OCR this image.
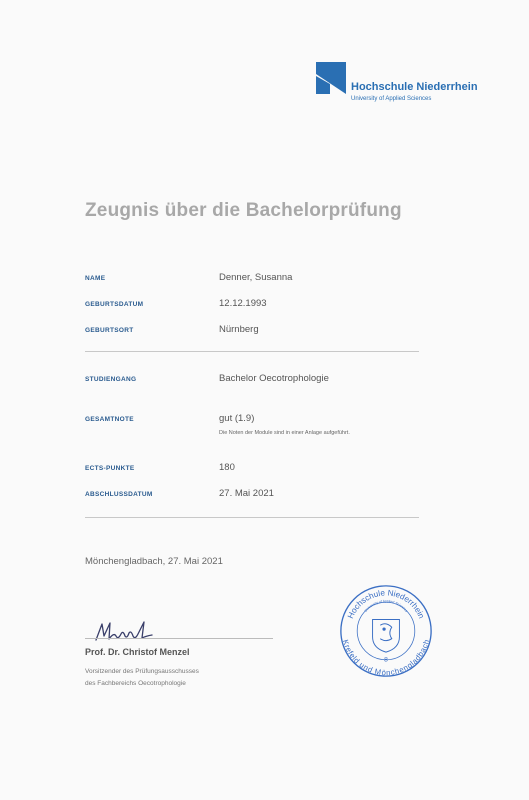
Hochschule Niederrhein
University of Applied Sciences
Zeugnis über die Bachelorprüfung
NAME	Denner, Susanna
GEBURTSDATUM	12.12.1993
GEBURTSORT	Nürnberg
STUDIENGANG	Bachelor Oecotrophologie
GESAMTNOTE	gut (1.9)
Die Noten der Module sind in einer Anlage aufgeführt.
ECTS-PUNKTE	180
ABSCHLUSSDATUM	27. Mai 2021
Mönchengladbach, 27. Mai 2021
Prof. Dr. Christof Menzel
Vorsitzender des Prüfungsausschusses
des Fachbereichs Oecotrophologie
Hochschule Niederrhein
University of Applied Sciences
Krefeld und Mönchengladbach
8
